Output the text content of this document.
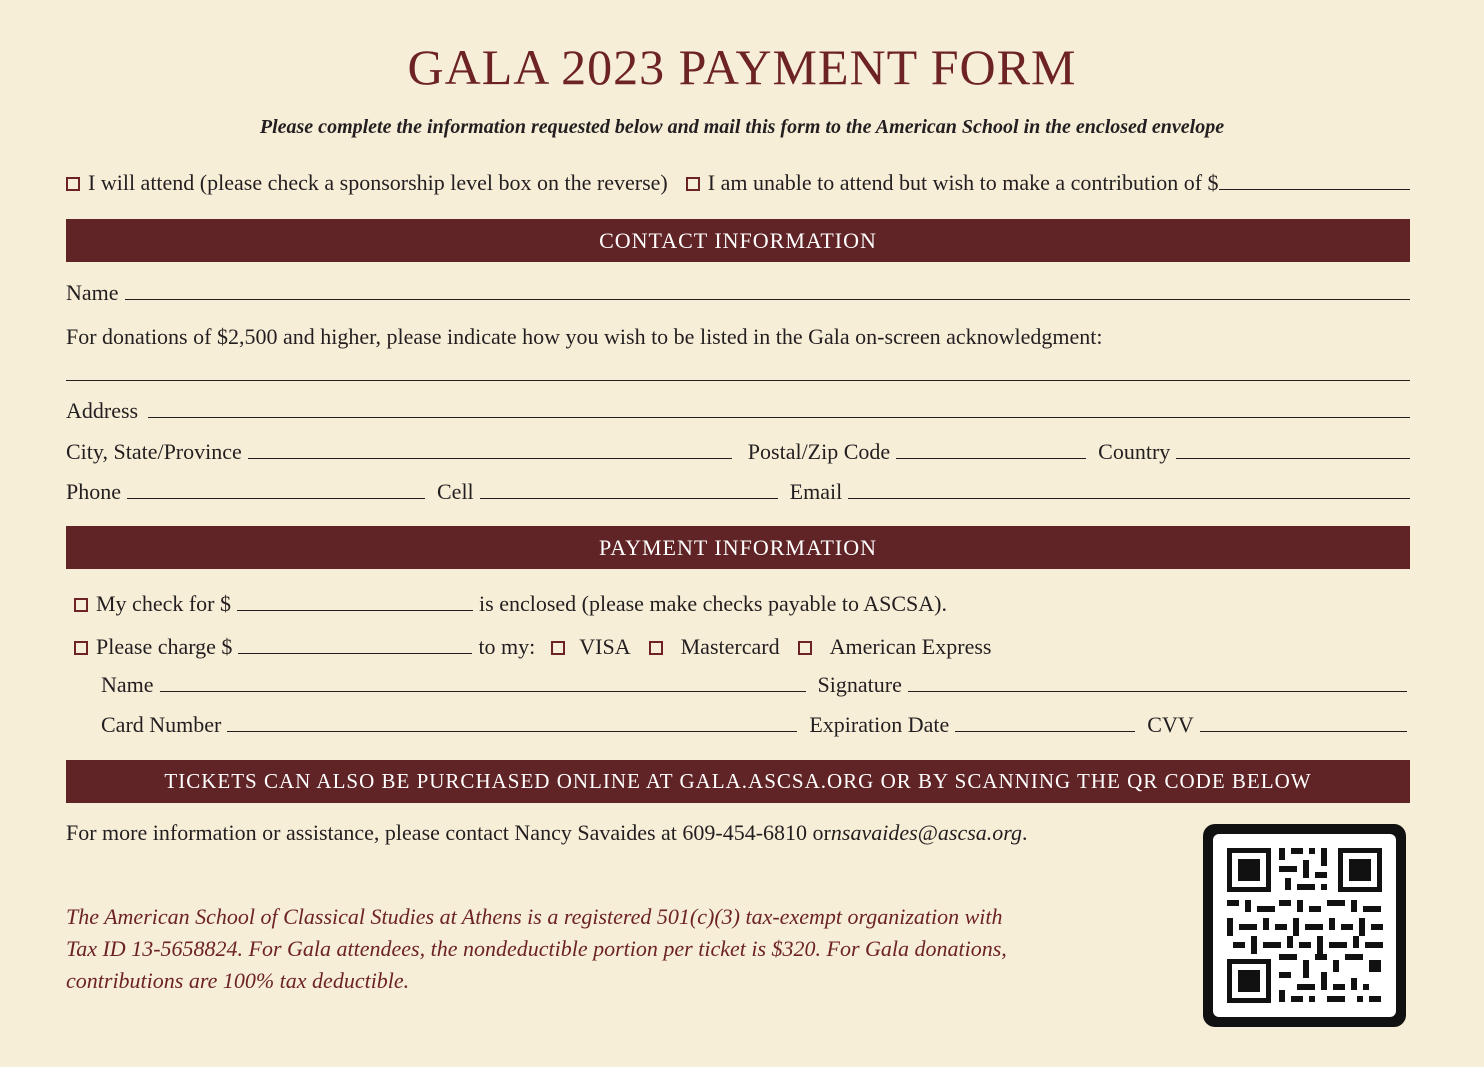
GALA 2023 PAYMENT FORM
Please complete the information requested below and mail this form to the American School in the enclosed envelope
I will attend (please check a sponsorship level box on the reverse) I am unable to attend but wish to make a contribution of $
CONTACT INFORMATION
Name
For donations of $2,500 and higher, please indicate how you wish to be listed in the Gala on-screen acknowledgment:
Address
City, State/Province	Postal/Zip Code	Country
Phone	Cell	Email
PAYMENT INFORMATION
My check for $	is enclosed (please make checks payable to ASCSA).
Please charge $	to my: VISA Mastercard American Express
Name	Signature
Card Number	Expiration Date	CVV
TICKETS CAN ALSO BE PURCHASED ONLINE AT GALA.ASCSA.ORG OR BY SCANNING THE QR CODE BELOW
For more information or assistance, please contact Nancy Savaides at 609-454-6810 or nsavaides@ascsa.org .
The American School of Classical Studies at Athens is a registered 501(c)(3) tax-exempt organization with
Tax ID 13-5658824. For Gala attendees, the nondeductible portion per ticket is $320. For Gala donations,
contributions are 100% tax deductible.
